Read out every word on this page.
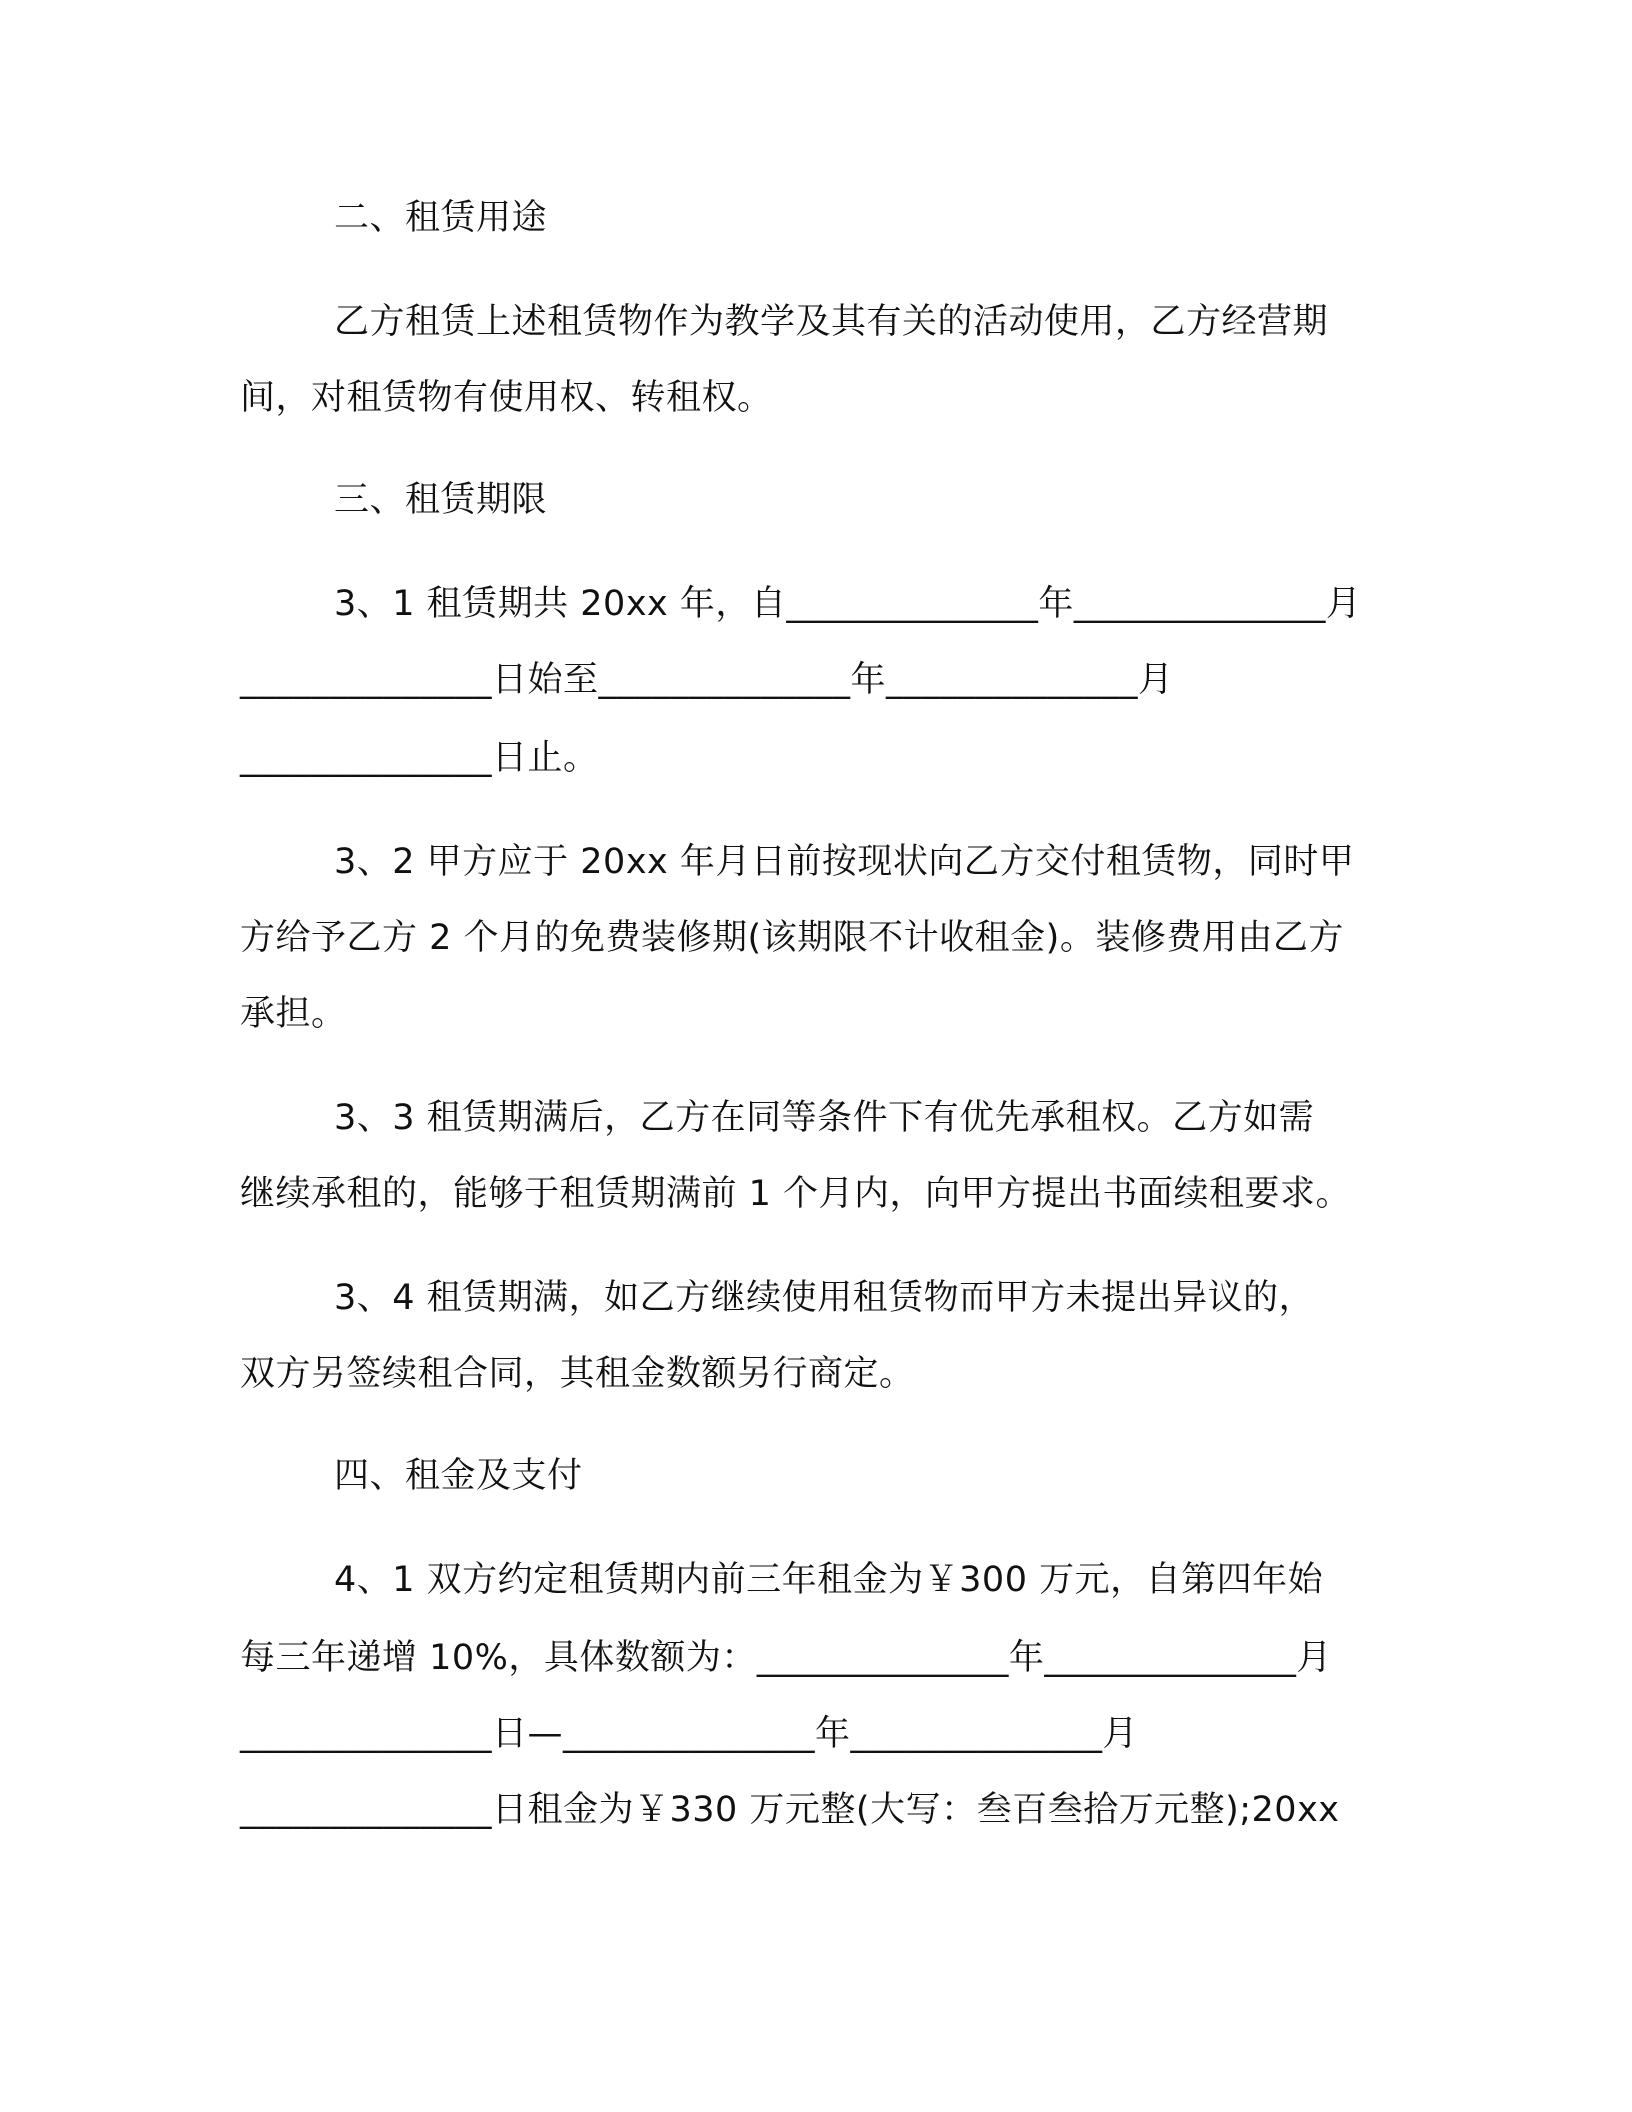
二、租赁用途
乙方租赁上述租赁物作为教学及其有关的活动使用，乙方经营期
间，对租赁物有使用权、转租权。
三、租赁期限
3、1 租赁期共 20xx 年，自______________年______________月
______________日始至______________年______________月
______________日止。
3、2 甲方应于 20xx 年月日前按现状向乙方交付租赁物，同时甲
方给予乙方 2 个月的免费装修期(该期限不计收租金)。装修费用由乙方
承担。
3、3 租赁期满后，乙方在同等条件下有优先承租权。乙方如需
继续承租的，能够于租赁期满前 1 个月内，向甲方提出书面续租要求。
3、4 租赁期满，如乙方继续使用租赁物而甲方未提出异议的，
双方另签续租合同，其租金数额另行商定。
四、租金及支付
4、1 双方约定租赁期内前三年租金为￥300 万元，自第四年始
每三年递增 10%，具体数额为：______________年______________月
______________日—______________年______________月
______________日租金为￥330 万元整(大写：叁百叁拾万元整);20xx
